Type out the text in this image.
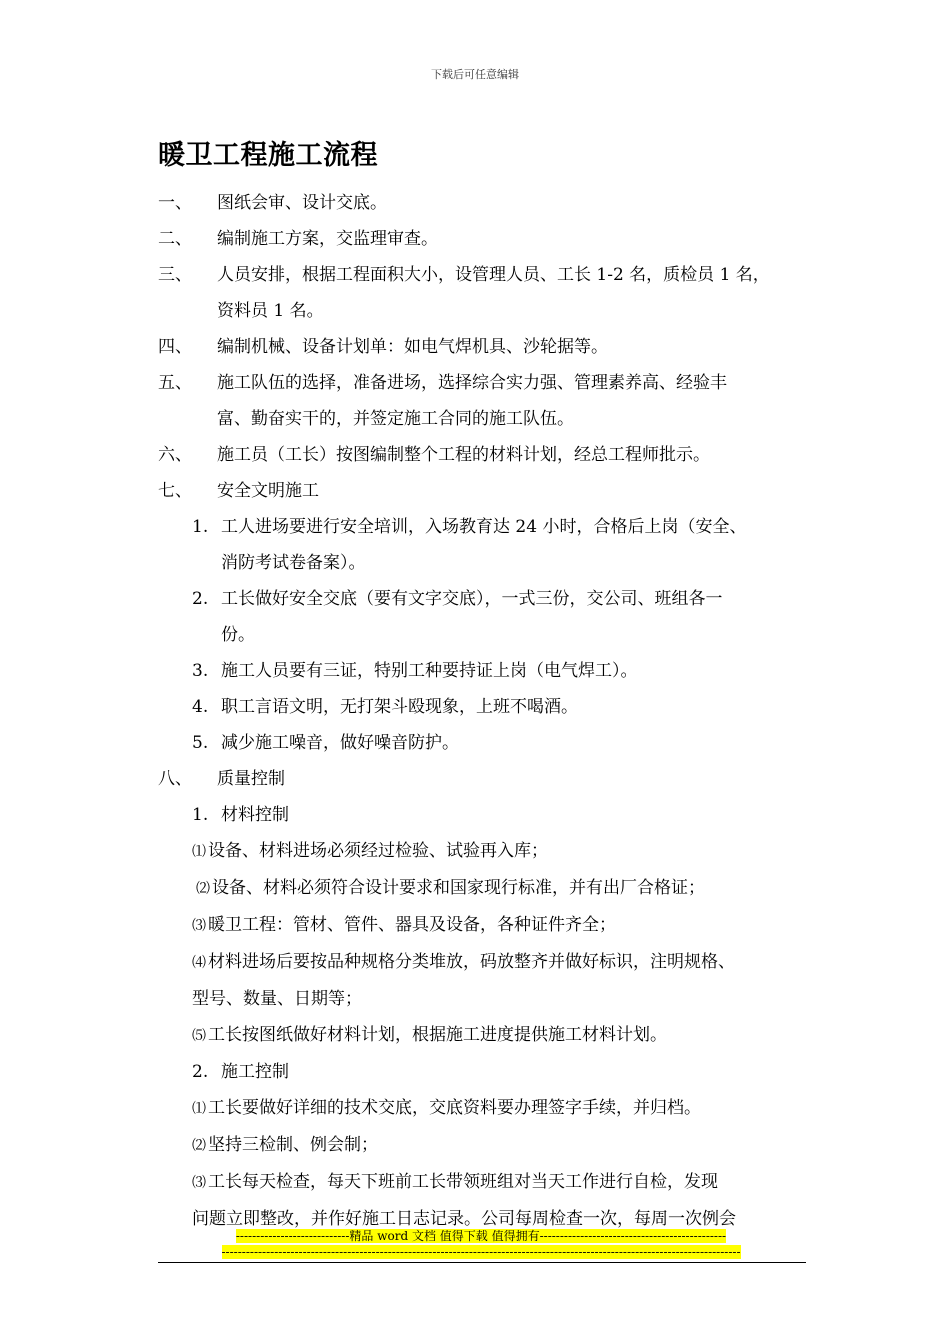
下载后可任意编辑
暖卫工程施工流程
一、 图纸会审、设计交底。
二、 编制施工方案，交监理审查。
三、 人员安排，根据工程面积大小，设管理人员、工长 1-2 名，质检员 1 名，
资料员 1 名。
四、 编制机械、设备计划单：如电气焊机具、沙轮据等。
五、 施工队伍的选择，准备进场，选择综合实力强、管理素养高、经验丰
富、勤奋实干的，并签定施工合同的施工队伍。
六、 施工员（工长）按图编制整个工程的材料计划，经总工程师批示。
七、 安全文明施工
1. 工人进场要进行安全培训，入场教育达 24 小时，合格后上岗（安全、
消防考试卷备案）。
2. 工长做好安全交底（要有文字交底），一式三份，交公司、班组各一
份。
3. 施工人员要有三证，特别工种要持证上岗（电气焊工）。
4. 职工言语文明，无打架斗殴现象，上班不喝酒。
5. 减少施工噪音，做好噪音防护。
八、 质量控制
1. 材料控制
⑴ 设备、材料进场必须经过检验、试验再入库；
⑵ 设备、材料必须符合设计要求和国家现行标准，并有出厂合格证；
⑶ 暖卫工程：管材、管件、器具及设备，各种证件齐全；
⑷ 材料进场后要按品种规格分类堆放，码放整齐并做好标识，注明规格、
型号、数量、日期等；
⑸ 工长按图纸做好材料计划，根据施工进度提供施工材料计划。
2. 施工控制
⑴ 工长要做好详细的技术交底，交底资料要办理签字手续，并归档。
⑵ 坚持三检制、例会制；
⑶ 工长每天检查，每天下班前工长带领班组对当天工作进行自检，发现
问题立即整改，并作好施工日志记录。公司每周检查一次，每周一次例会
----------------------------精品 word 文档 值得下载 值得拥有----------------------------------------------
--------------------------------------------------------------------------------------------------------------------------------
